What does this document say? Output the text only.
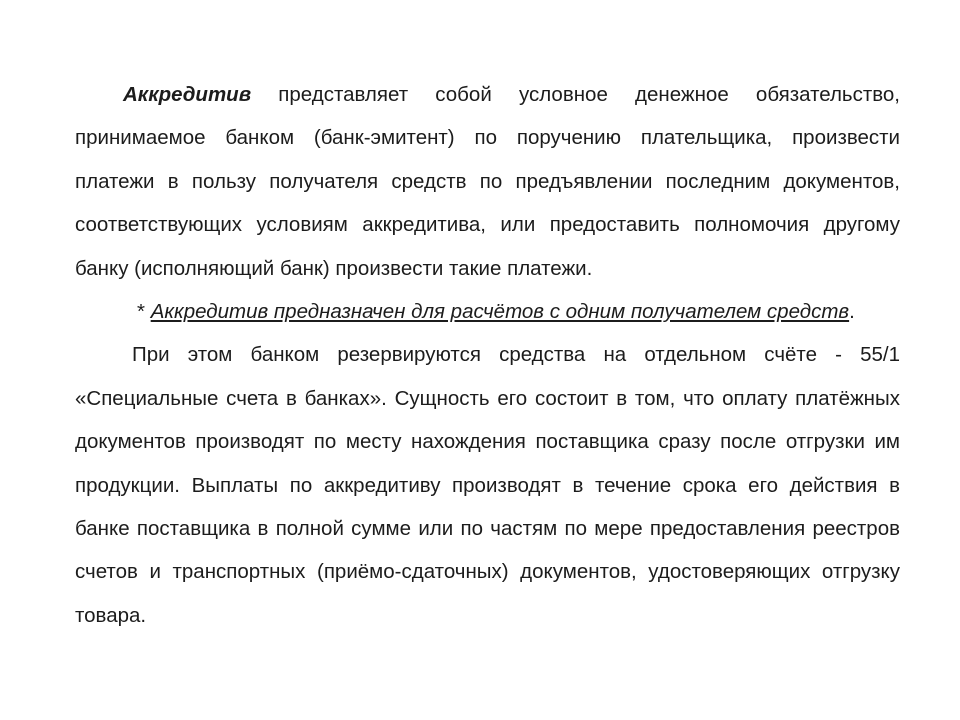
Аккредитив представляет собой условное денежное обязательство, принимаемое банком (банк-эмитент) по поручению плательщика, произвести платежи в пользу получателя средств по предъявлении последним документов, соответствующих условиям аккредитива, или предоставить полномочия другому банку (исполняющий банк) произвести такие платежи.

* Аккредитив предназначен для расчётов с одним получателем средств.

При этом банком резервируются средства на отдельном счёте - 55/1 «Специальные счета в банках». Сущность его состоит в том, что оплату платёжных документов производят по месту нахождения поставщика сразу после отгрузки им продукции. Выплаты по аккредитиву производят в течение срока его действия в банке поставщика в полной сумме или по частям по мере предоставления реестров счетов и транспортных (приёмо-сдаточных) документов, удостоверяющих отгрузку товара.
